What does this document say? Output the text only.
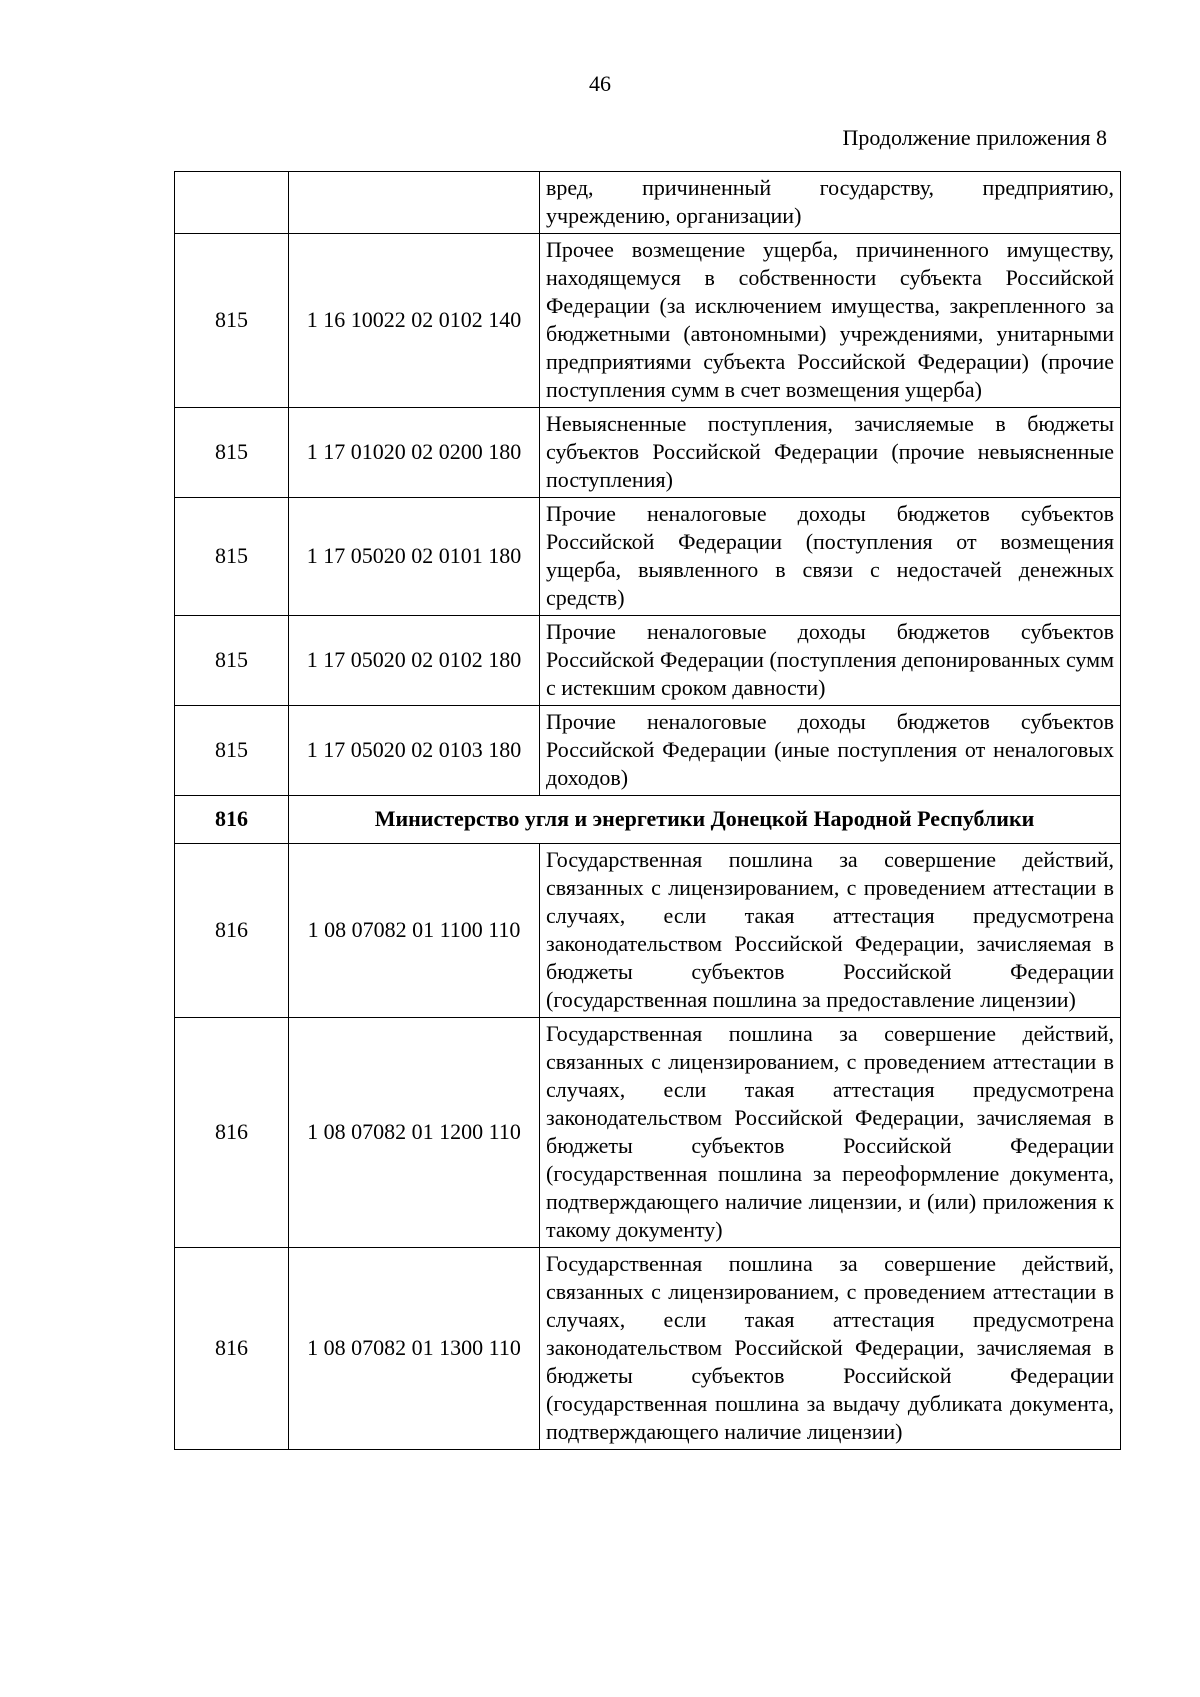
46
Продолжение приложения 8
		вред, причиненный государству, предприятию, учреждению, организации)
815	1 16 10022 02 0102 140	Прочее возмещение ущерба, причиненного имуществу, находящемуся в собственности субъекта Российской Федерации (за исключением имущества, закрепленного за бюджетными (автономными) учреждениями, унитарными предприятиями субъекта Российской Федерации) (прочие поступления сумм в счет возмещения ущерба)
815	1 17 01020 02 0200 180	Невыясненные поступления, зачисляемые в бюджеты субъектов Российской Федерации (прочие невыясненные поступления)
815	1 17 05020 02 0101 180	Прочие неналоговые доходы бюджетов субъектов Российской Федерации (поступления от возмещения ущерба, выявленного в связи с недостачей денежных средств)
815	1 17 05020 02 0102 180	Прочие неналоговые доходы бюджетов субъектов Российской Федерации (поступления депонированных сумм с истекшим сроком давности)
815	1 17 05020 02 0103 180	Прочие неналоговые доходы бюджетов субъектов Российской Федерации (иные поступления от неналоговых доходов)
816	Министерство угля и энергетики Донецкой Народной Республики	
816	1 08 07082 01 1100 110	Государственная пошлина за совершение действий, связанных с лицензированием, с проведением аттестации в случаях, если такая аттестация предусмотрена законодательством Российской Федерации, зачисляемая в бюджеты субъектов Российской Федерации (государственная пошлина за предоставление лицензии)
816	1 08 07082 01 1200 110	Государственная пошлина за совершение действий, связанных с лицензированием, с проведением аттестации в случаях, если такая аттестация предусмотрена законодательством Российской Федерации, зачисляемая в бюджеты субъектов Российской Федерации (государственная пошлина за переоформление документа, подтверждающего наличие лицензии, и (или) приложения к такому документу)
816	1 08 07082 01 1300 110	Государственная пошлина за совершение действий, связанных с лицензированием, с проведением аттестации в случаях, если такая аттестация предусмотрена законодательством Российской Федерации, зачисляемая в бюджеты субъектов Российской Федерации (государственная пошлина за выдачу дубликата документа, подтверждающего наличие лицензии)
